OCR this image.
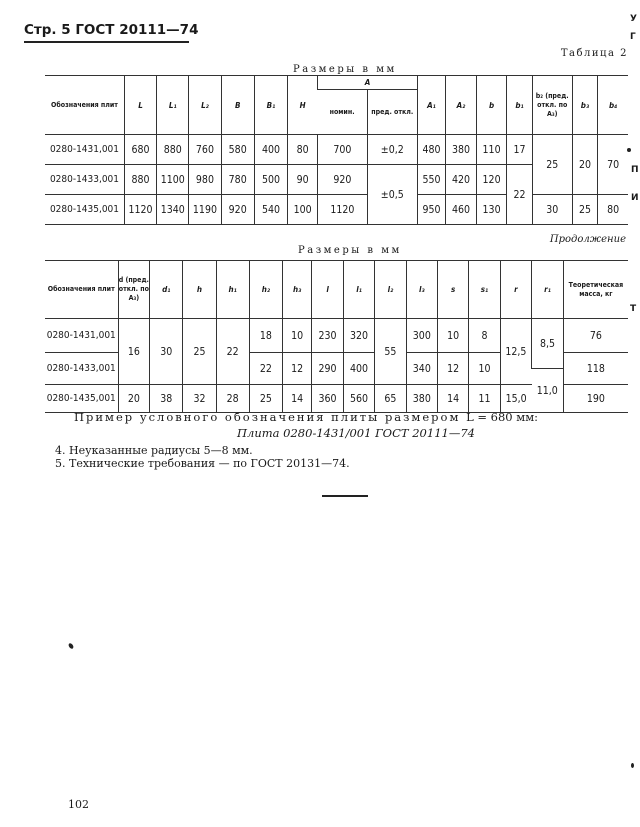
Стр. 5 ГОСТ 20111—74
У
Г
П
И
Т
Таблица 2
Размеры в мм
Обозначения плит	L	L₁	L₂	B	B₁	H	A		A₁	A₂	b	b₁	b₂ (пред. откл. по A₃)	b₃	b₄
							номин.	пред. откл.							
0280-1431,001	680	880	760	580	400	80	700	±0,2	480	380	110	17	25	20	70
0280-1433,001	880	1100	980	780	500	90	920	±0,5	550	420	120	22			
0280-1435,001	1120	1340	1190	920	540	100	1120		950	460	130		30	25	80
Продолжение
Размеры в мм
Обозначения плит	d (пред. откл. по A₃)	d₁	h	h₁	h₂	h₃	l	l₁	l₂	l₃	s	s₁	r	r₁	Теоретическая масса, кг
0280-1431,001	16	30	25	22	18	10	230	320	55	300	10	8	12,5	8,5	76

0280-1433,001					22	12	290	400		340	12	10			118
														11,0	
0280-1435,001	20	38	32	28	25	14	360	560	65	380	14	11	15,0		190
Пример условного обозначения плиты размером L = 680 мм:
Плита 0280-1431/001 ГОСТ 20111—74
4. Неуказанные радиусы 5—8 мм.
5. Технические требования — по ГОСТ 20131—74.
102
